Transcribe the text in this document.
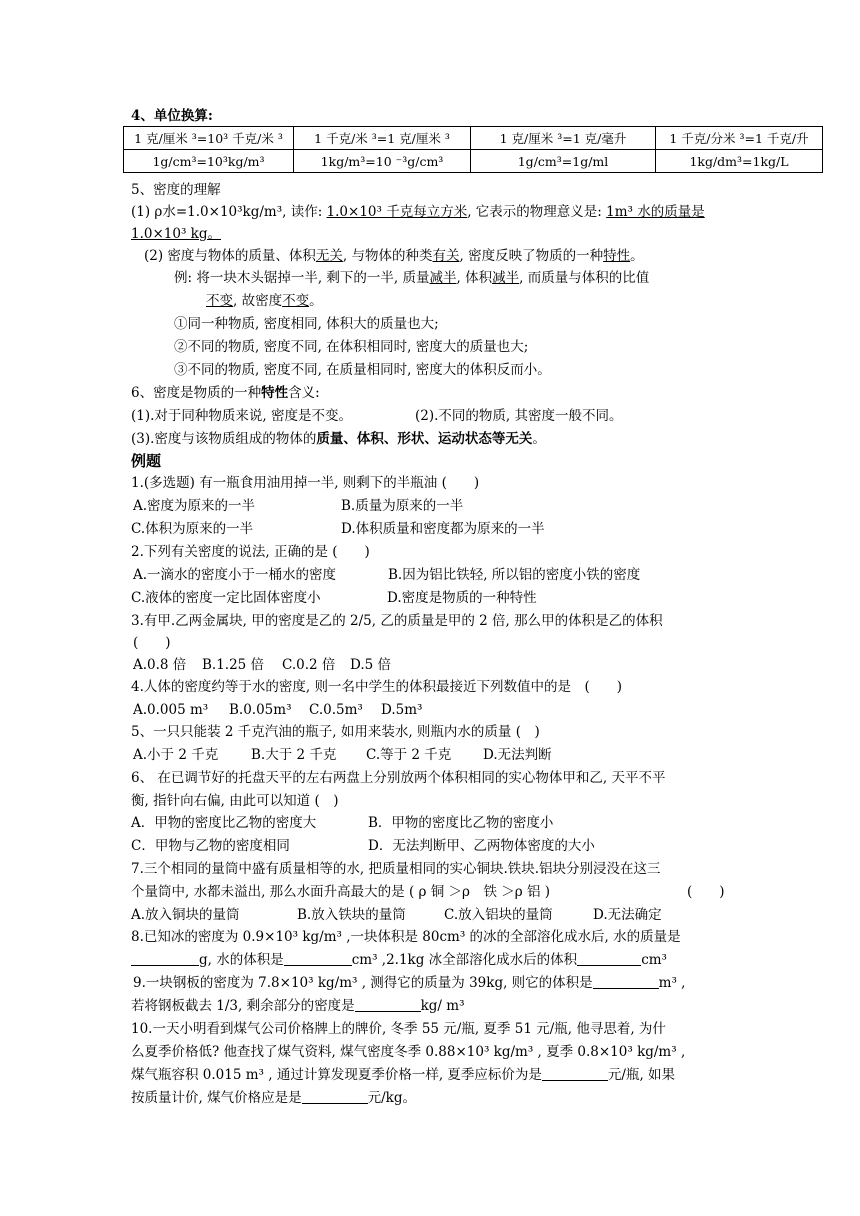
4、单位换算:
1 克/厘米 ³=10³ 千克/米 ³	1 千克/米 ³=1 克/厘米 ³	1 克/厘米 ³=1 克/毫升	1 千克/分米 ³=1 千克/升
1g/cm³=10³kg/m³	1kg/m³=10 ⁻³g/cm³	1g/cm³=1g/ml	1kg/dm³=1kg/L
5、密度的理解
(1) ρ水=1.0×10³kg/m³, 读作: 1.0×10³ 千克每立方米, 它表示的物理意义是: 1m³ 水的质量是
1.0×10³ kg。
(2) 密度与物体的质量、体积无关, 与物体的种类有关, 密度反映了物质的一种特性。
例: 将一块木头锯掉一半, 剩下的一半, 质量减半, 体积减半, 而质量与体积的比值
不变, 故密度不变。
①同一种物质, 密度相同, 体积大的质量也大;
②不同的物质, 密度不同, 在体积相同时, 密度大的质量也大;
③不同的物质, 密度不同, 在质量相同时, 密度大的体积反而小。
6、密度是物质的一种特性含义:
(1).对于同种物质来说, 密度是不变。	(2).不同的物质, 其密度一般不同。
(3).密度与该物质组成的物体的质量、体积、形状、运动状态等无关。
例题
1.(多选题) 有一瓶食用油用掉一半, 则剩下的半瓶油 (　　)
A.密度为原来的一半	B.质量为原来的一半
C.体积为原来的一半	D.体积质量和密度都为原来的一半
2.下列有关密度的说法, 正确的是 (　　)
A.一滴水的密度小于一桶水的密度	B.因为铝比铁轻, 所以铝的密度小铁的密度
C.液体的密度一定比固体密度小	D.密度是物质的一种特性
3.有甲.乙两金属块, 甲的密度是乙的 2/5, 乙的质量是甲的 2 倍, 那么甲的体积是乙的体积
(　　)
A.0.8 倍 B.1.25 倍 C.0.2 倍 D.5 倍
4.人体的密度约等于水的密度, 则一名中学生的体积最接近下列数值中的是　(　　)
A.0.005 m³ B.0.05m³ C.0.5m³ D.5m³
5、一只只能装 2 千克汽油的瓶子, 如用来装水, 则瓶内水的质量 (　)
A.小于 2 千克 B.大于 2 千克 C.等于 2 千克 D.无法判断
6、 在已调节好的托盘天平的左右两盘上分别放两个体积相同的实心物体甲和乙, 天平不平
衡, 指针向右偏, 由此可以知道 (　)
A．甲物的密度比乙物的密度大	B．甲物的密度比乙物的密度小
C．甲物与乙物的密度相同	D．无法判断甲、乙两物体密度的大小
7.三个相同的量筒中盛有质量相等的水, 把质量相同的实心铜块.铁块.铝块分别浸没在这三
个量筒中, 水都未溢出, 那么水面升高最大的是 ( ρ 铜 ＞ρ　铁 ＞ρ 铝 )	(　　)
A.放入铜块的量筒	B.放入铁块的量筒	C.放入铝块的量筒	D.无法确定
8.已知冰的密度为 0.9×10³ kg/m³ ,一块体积是 80cm³ 的冰的全部溶化成水后, 水的质量是
g, 水的体积是	cm³ ,2.1kg 冰全部溶化成水后的体积	cm³
9.一块钢板的密度为 7.8×10³ kg/m³ , 测得它的质量为 39kg, 则它的体积是	m³ ,
若将钢板截去 1/3, 剩余部分的密度是	kg/ m³
10.一天小明看到煤气公司价格牌上的牌价, 冬季 55 元/瓶, 夏季 51 元/瓶, 他寻思着, 为什
么夏季价格低? 他查找了煤气资料, 煤气密度冬季 0.88×10³ kg/m³ , 夏季 0.8×10³ kg/m³ ,
煤气瓶容积 0.015 m³ , 通过计算发现夏季价格一样, 夏季应标价为是	元/瓶, 如果
按质量计价, 煤气价格应是是	元/kg。
